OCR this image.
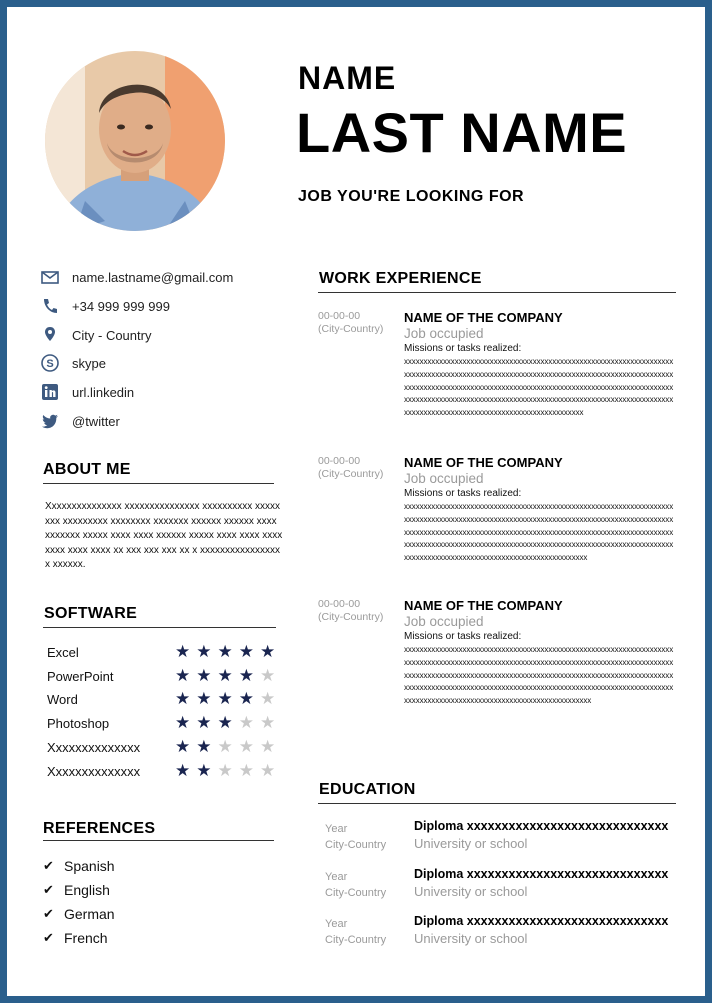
NAME
LAST NAME
JOB YOU'RE LOOKING FOR
name.lastname@gmail.com
+34 999 999 999
City - Country
S skype
url.linkedin
@twitter
ABOUT ME
Xxxxxxxxxxxxxxx xxxxxxxxxxxxxxx xxxxxxxxxx xxxxxxxx xxxxxxxxx xxxxxxxx xxxxxxx xxxxxx xxxxxx xxxx xxxxxxx xxxxx xxxx xxxx xxxxxx xxxxx xxxx xxxx xxxx xxxx xxxx xxxx xx xxx xxx xxx xx x xxxxxxxxxxxxxxxxx xxxxxx.
SOFTWARE
Excel	★★★★★
PowerPoint	★★★★★
Word	★★★★★
Photoshop	★★★★★
Xxxxxxxxxxxxxx ★★★★★
Xxxxxxxxxxxxxx ★★★★★
REFERENCES
✔ Spanish
✔ English
✔ German
✔ French
WORK EXPERIENCE
00-00-00
(City-Country)
NAME OF THE COMPANY
Job occupied
Missions or tasks realized:
xxxxxxxxxxxxxxxxxxxxxxxxxxxxxxxxxxxxxxxxxxxxxxxxxxxxxxxxxxxxxxxxxxxxxxxxxxxxxxxxxxxxxxxxxxxxxxxxxxxxxxxxxxxxxxxxxxxxxxxxxxxxxxxxxxxxxxxxxxxxxxxxxxxxxxxxxxxxxxxxxxxxxxxxxxxxxxxxxxxxxxxxxxxxxxxxxxxxxxxxxxxxxxxxxxxxxxxxxxxxxxxxxxxxxxxxxxxxxxxxxxxxxxxxxxxxxxxxxxxxxxxxxxxxxxxxxxxxxxxxxxxxxxxxxxxxxxxxxxxxxxxxxxxxxxxxxxxxxxxxxx
00-00-00
(City-Country)
NAME OF THE COMPANY
Job occupied
Missions or tasks realized:
xxxxxxxxxxxxxxxxxxxxxxxxxxxxxxxxxxxxxxxxxxxxxxxxxxxxxxxxxxxxxxxxxxxxxxxxxxxxxxxxxxxxxxxxxxxxxxxxxxxxxxxxxxxxxxxxxxxxxxxxxxxxxxxxxxxxxxxxxxxxxxxxxxxxxxxxxxxxxxxxxxxxxxxxxxxxxxxxxxxxxxxxxxxxxxxxxxxxxxxxxxxxxxxxxxxxxxxxxxxxxxxxxxxxxxxxxxxxxxxxxxxxxxxxxxxxxxxxxxxxxxxxxxxxxxxxxxxxxxxxxxxxxxxxxxxxxxxxxxxxxxxxxxxxxxxxxxxxxxxxxxx
00-00-00
(City-Country)
NAME OF THE COMPANY
Job occupied
Missions or tasks realized:
xxxxxxxxxxxxxxxxxxxxxxxxxxxxxxxxxxxxxxxxxxxxxxxxxxxxxxxxxxxxxxxxxxxxxxxxxxxxxxxxxxxxxxxxxxxxxxxxxxxxxxxxxxxxxxxxxxxxxxxxxxxxxxxxxxxxxxxxxxxxxxxxxxxxxxxxxxxxxxxxxxxxxxxxxxxxxxxxxxxxxxxxxxxxxxxxxxxxxxxxxxxxxxxxxxxxxxxxxxxxxxxxxxxxxxxxxxxxxxxxxxxxxxxxxxxxxxxxxxxxxxxxxxxxxxxxxxxxxxxxxxxxxxxxxxxxxxxxxxxxxxxxxxxxxxxxxxxxxxxxxxxx
EDUCATION
Year
City-Country
Diploma xxxxxxxxxxxxxxxxxxxxxxxxxxxxx
University or school
Year
City-Country
Diploma xxxxxxxxxxxxxxxxxxxxxxxxxxxxx
University or school
Year
City-Country
Diploma xxxxxxxxxxxxxxxxxxxxxxxxxxxxx
University or school
